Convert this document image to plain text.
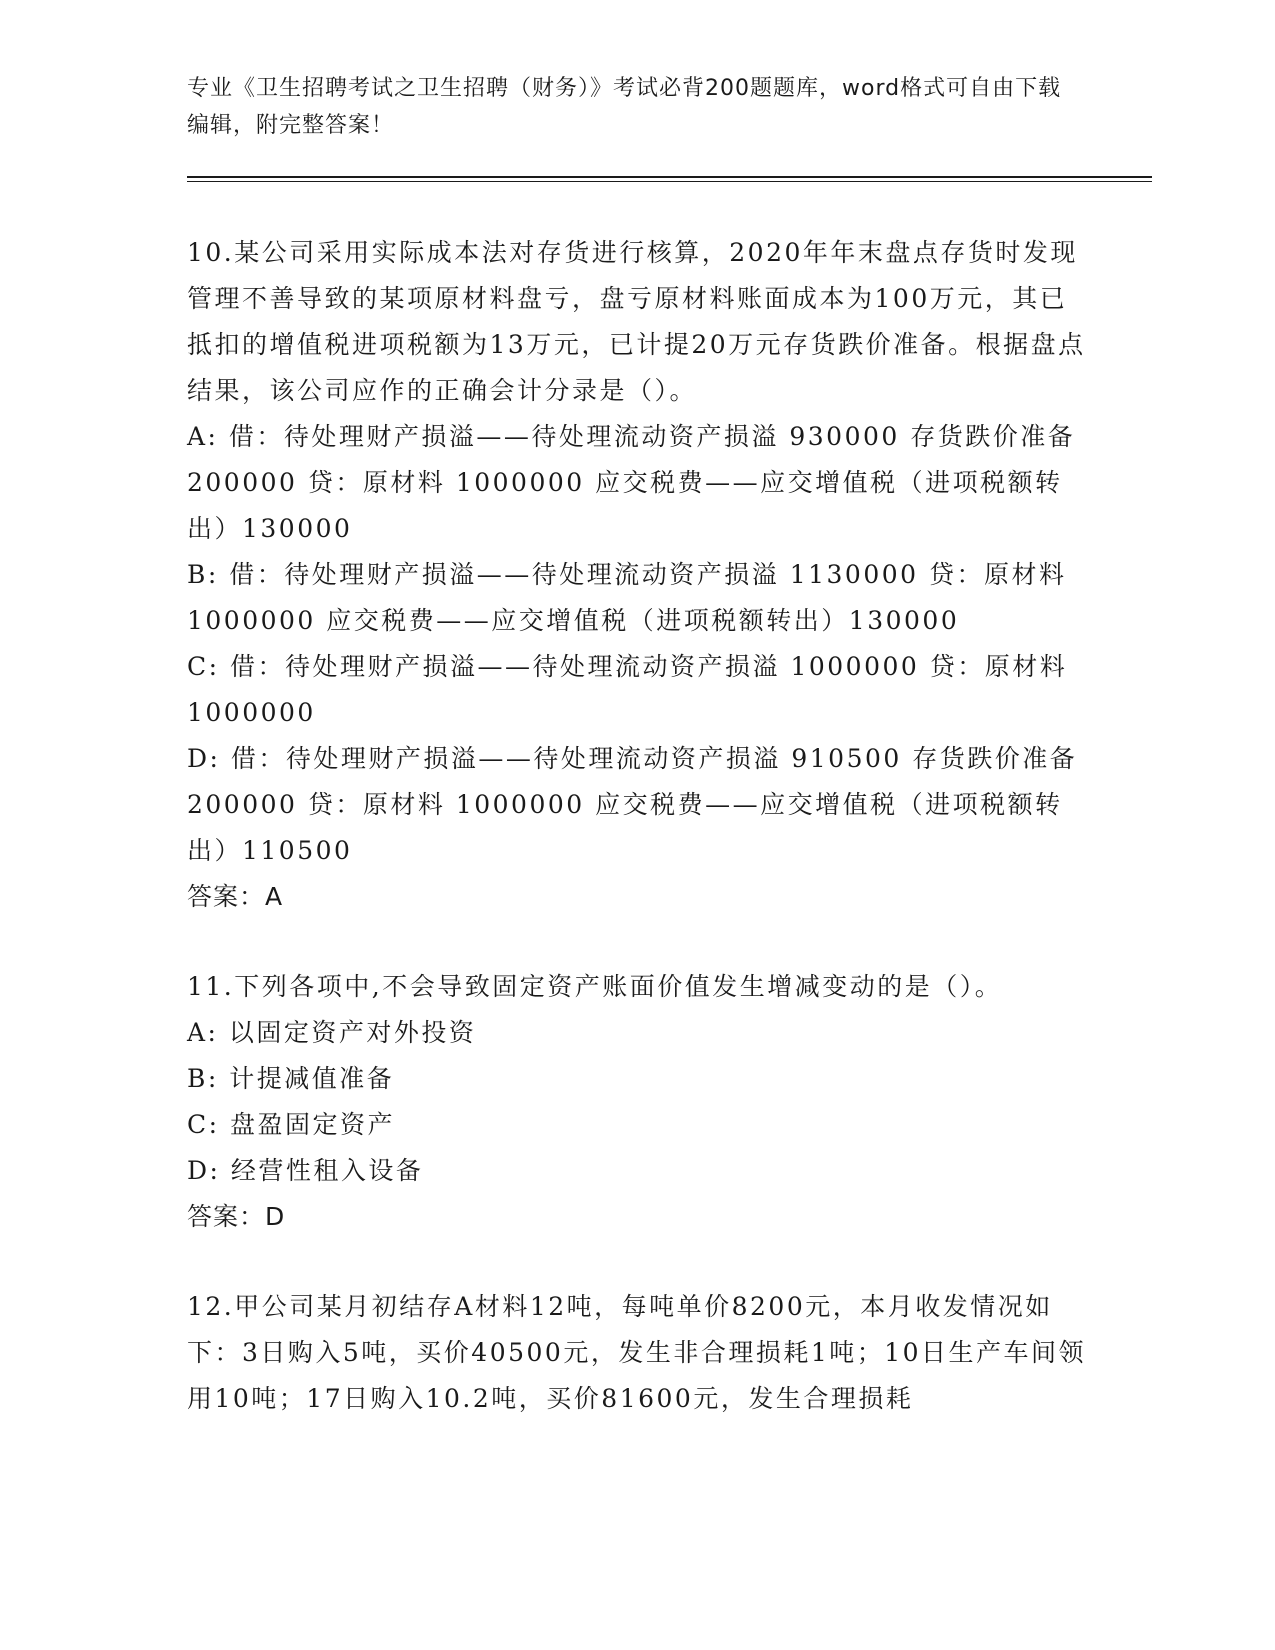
专业《卫生招聘考试之卫生招聘（财务）》考试必背200题题库，word格式可自由下载编辑，附完整答案！

10.某公司采用实际成本法对存货进行核算，2020年年末盘点存货时发现管理不善导致的某项原材料盘亏，盘亏原材料账面成本为100万元，其已抵扣的增值税进项税额为13万元，已计提20万元存货跌价准备。根据盘点结果，该公司应作的正确会计分录是（）。

A: 借：待处理财产损溢——待处理流动资产损溢 930000 存货跌价准备 200000 贷：原材料 1000000 应交税费——应交增值税（进项税额转出）130000
B: 借：待处理财产损溢——待处理流动资产损溢 1130000 贷：原材料 1000000 应交税费——应交增值税（进项税额转出）130000
C: 借：待处理财产损溢——待处理流动资产损溢 1000000 贷：原材料 1000000
D: 借：待处理财产损溢——待处理流动资产损溢 910500 存货跌价准备 200000 贷：原材料 1000000 应交税费——应交增值税（进项税额转出）110500

答案：A

11.下列各项中,不会导致固定资产账面价值发生增减变动的是（）。

A: 以固定资产对外投资
B: 计提减值准备
C: 盘盈固定资产
D: 经营性租入设备

答案：D

12.甲公司某月初结存A材料12吨，每吨单价8200元，本月收发情况如下：3日购入5吨，买价40500元，发生非合理损耗1吨；10日生产车间领用10吨；17日购入10.2吨，买价81600元，发生合理损耗
